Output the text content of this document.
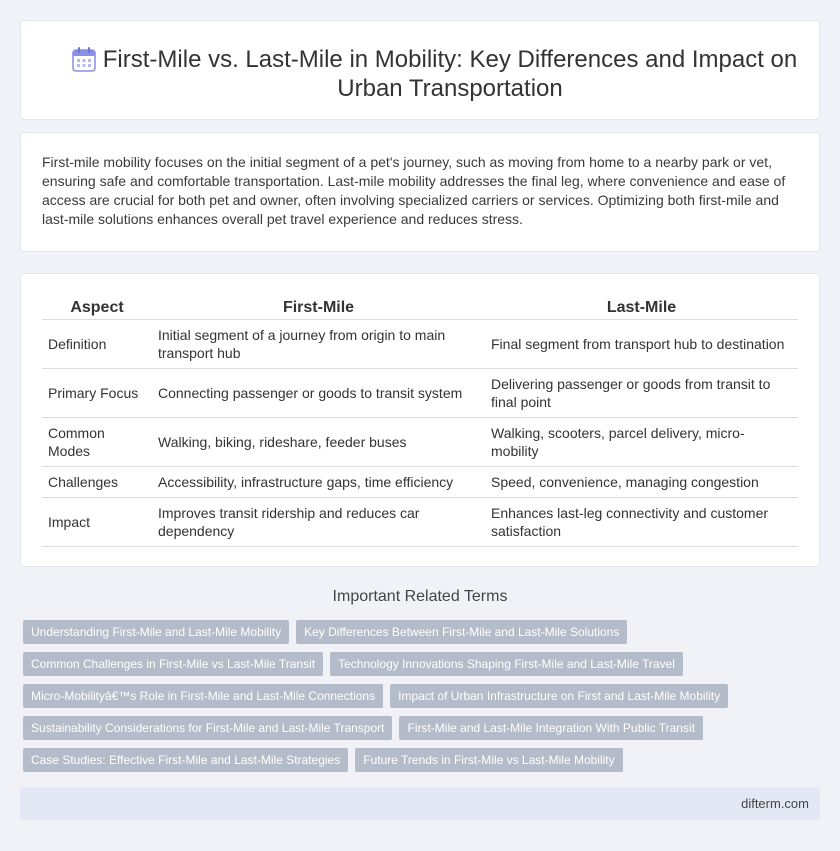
First-Mile vs. Last-Mile in Mobility: Key Differences and Impact on Urban Transportation

First-mile mobility focuses on the initial segment of a pet's journey, such as moving from home to a nearby park or vet, ensuring safe and comfortable transportation. Last-mile mobility addresses the final leg, where convenience and ease of access are crucial for both pet and owner, often involving specialized carriers or services. Optimizing both first-mile and last-mile solutions enhances overall pet travel experience and reduces stress.

Aspect	First-Mile	Last-Mile
Definition	Initial segment of a journey from origin to main transport hub	Final segment from transport hub to destination
Primary Focus	Connecting passenger or goods to transit system	Delivering passenger or goods from transit to final point
Common Modes	Walking, biking, rideshare, feeder buses	Walking, scooters, parcel delivery, micro-mobility
Challenges	Accessibility, infrastructure gaps, time efficiency	Speed, convenience, managing congestion
Impact	Improves transit ridership and reduces car dependency	Enhances last-leg connectivity and customer satisfaction
Important Related Terms
Understanding First-Mile and Last-Mile Mobility	Key Differences Between First-Mile and Last-Mile Solutions
Common Challenges in First-Mile vs Last-Mile Transit	Technology Innovations Shaping First-Mile and Last-Mile Travel
Micro-Mobilityâ€™s Role in First-Mile and Last-Mile Connections	Impact of Urban Infrastructure on First and Last-Mile Mobility
Sustainability Considerations for First-Mile and Last-Mile Transport	First-Mile and Last-Mile Integration With Public Transit
Case Studies: Effective First-Mile and Last-Mile Strategies	Future Trends in First-Mile vs Last-Mile Mobility
difterm.com
